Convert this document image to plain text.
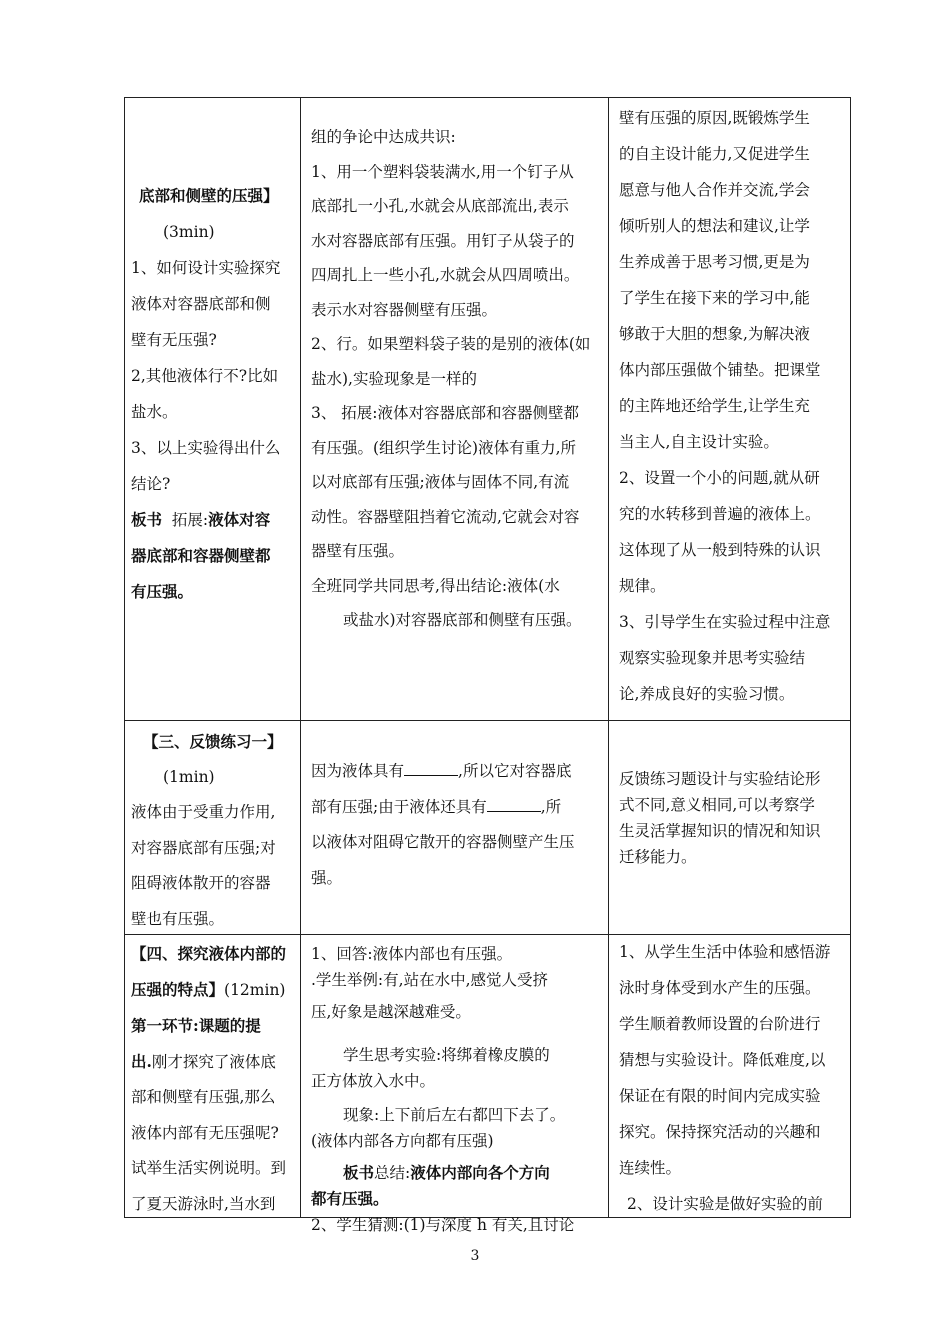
底部和侧壁的压强】

(3min)

1、如何设计实验探究

液体对容器底部和侧

壁有无压强?

2,其他液体行不?比如

盐水。

3、以上实验得出什么

结论?

板书 拓展:液体对容

器底部和容器侧壁都

有压强。

组的争论中达成共识:

1、用一个塑料袋装满水,用一个钉子从

底部扎一小孔,水就会从底部流出,表示

水对容器底部有压强。用钉子从袋子的

四周扎上一些小孔,水就会从四周喷出。

表示水对容器侧壁有压强。

2、行。如果塑料袋子装的是别的液体(如

盐水),实验现象是一样的

3、 拓展:液体对容器底部和容器侧壁都

有压强。(组织学生讨论)液体有重力,所

以对底部有压强;液体与固体不同,有流

动性。容器壁阻挡着它流动,它就会对容

器壁有压强。

全班同学共同思考,得出结论:液体(水

或盐水)对容器底部和侧壁有压强。

壁有压强的原因,既锻炼学生

的自主设计能力,又促进学生

愿意与他人合作并交流,学会

倾听别人的想法和建议,让学

生养成善于思考习惯,更是为

了学生在接下来的学习中,能

够敢于大胆的想象,为解决液

体内部压强做个铺垫。把课堂

的主阵地还给学生,让学生充

当主人,自主设计实验。

2、设置一个小的问题,就从研

究的水转移到普遍的液体上。

这体现了从一般到特殊的认识

规律。

3、引导学生在实验过程中注意

观察实验现象并思考实验结

论,养成良好的实验习惯。

【三、反馈练习一】

(1min)

液体由于受重力作用,

对容器底部有压强;对

阻碍液体散开的容器

壁也有压强。

因为液体具有	,所以它对容器底

部有压强;由于液体还具有	,所

以液体对阻碍它散开的容器侧壁产生压

强。

反馈练习题设计与实验结论形

式不同,意义相同,可以考察学

生灵活掌握知识的情况和知识

迁移能力。

【四、探究液体内部的

压强的特点】(12min)

第一环节:课题的提

出.刚才探究了液体底

部和侧壁有压强,那么

液体内部有无压强呢?

试举生活实例说明。到

了夏天游泳时,当水到

1、回答:液体内部也有压强。

.学生举例:有,站在水中,感觉人受挤

压,好象是越深越难受。

学生思考实验:将绑着橡皮膜的

正方体放入水中。

现象:上下前后左右都凹下去了。

(液体内部各方向都有压强)

板书总结:液体内部向各个方向

都有压强。

2、学生猜测:(1)与深度 h 有关,且讨论

1、从学生生活中体验和感悟游

泳时身体受到水产生的压强。

学生顺着教师设置的台阶进行

猜想与实验设计。降低难度,以

保证在有限的时间内完成实验

探究。保持探究活动的兴趣和

连续性。

2、设计实验是做好实验的前

3
